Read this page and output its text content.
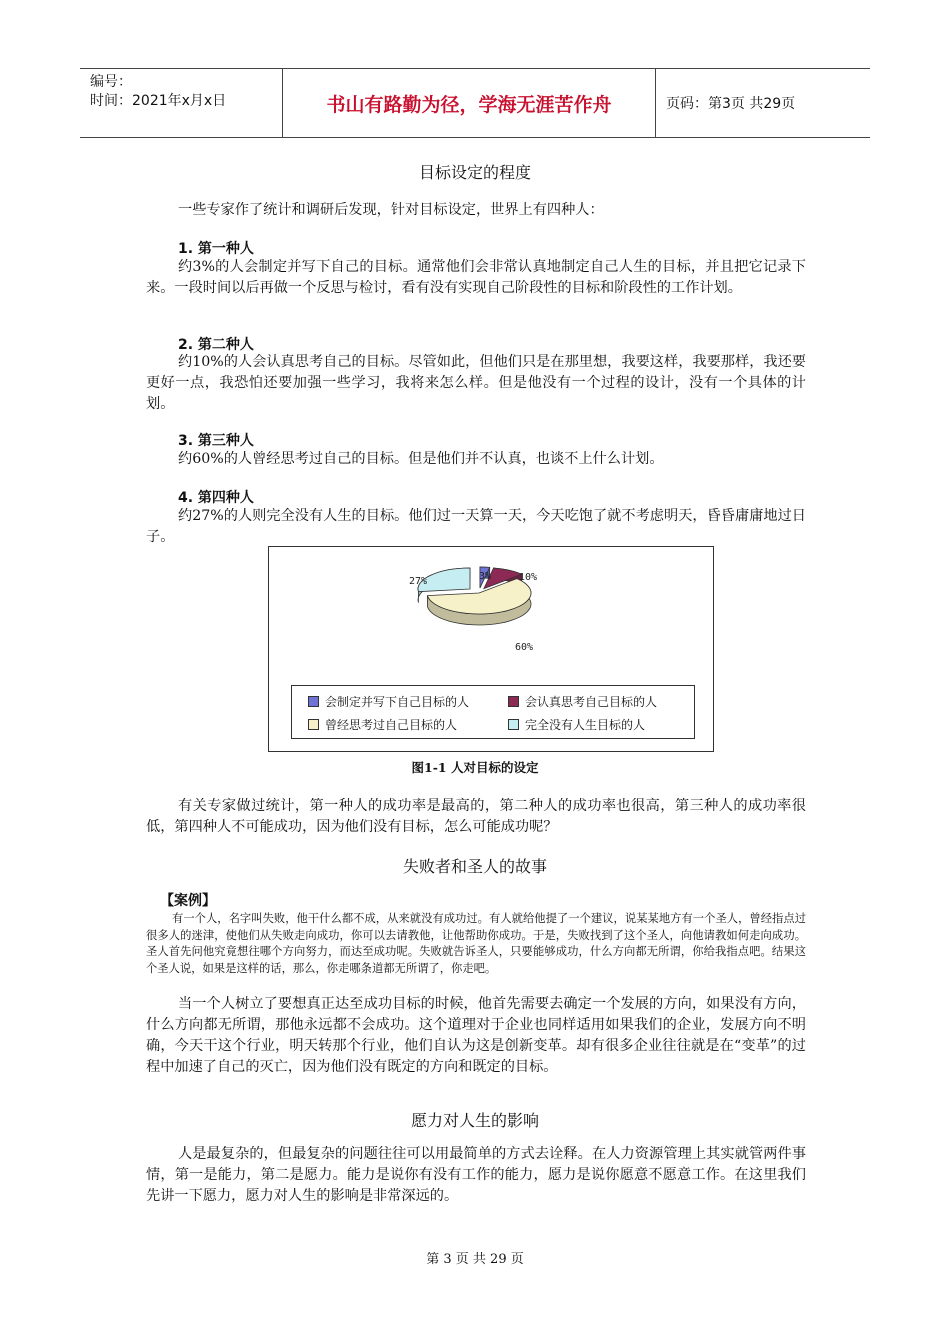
编号：
时间：2021年x月x日	书山有路勤为径，学海无涯苦作舟	页码：第3页 共29页
目标设定的程度

一些专家作了统计和调研后发现，针对目标设定，世界上有四种人：

1. 第一种人

约3%的人会制定并写下自己的目标。通常他们会非常认真地制定自己人生的目标，并且把它记录下来。一段时间以后再做一个反思与检讨，看有没有实现自己阶段性的目标和阶段性的工作计划。

2. 第二种人

约10%的人会认真思考自己的目标。尽管如此，但他们只是在那里想，我要这样，我要那样，我还要更好一点，我恐怕还要加强一些学习，我将来怎么样。但是他没有一个过程的设计，没有一个具体的计划。

3. 第三种人

约60%的人曾经思考过自己的目标。但是他们并不认真，也谈不上什么计划。

4. 第四种人

约27%的人则完全没有人生的目标。他们过一天算一天，今天吃饱了就不考虑明天，昏昏庸庸地过日子。

3%	10%
60%
27%
会制定并写下自己目标的人	会认真思考自己目标的人
曾经思考过自己目标的人	完全没有人生目标的人
图1-1 人对目标的设定

有关专家做过统计，第一种人的成功率是最高的，第二种人的成功率也很高，第三种人的成功率很低，第四种人不可能成功，因为他们没有目标，怎么可能成功呢？

失败者和圣人的故事
【案例】

有一个人，名字叫失败，他干什么都不成，从来就没有成功过。有人就给他提了一个建议，说某某地方有一个圣人，曾经指点过很多人的迷津，使他们从失败走向成功，你可以去请教他，让他帮助你成功。于是，失败找到了这个圣人，向他请教如何走向成功。圣人首先问他究竟想往哪个方向努力，而达至成功呢。失败就告诉圣人，只要能够成功，什么方向都无所谓，你给我指点吧。结果这个圣人说，如果是这样的话，那么，你走哪条道都无所谓了，你走吧。

当一个人树立了要想真正达至成功目标的时候，他首先需要去确定一个发展的方向，如果没有方向，什么方向都无所谓，那他永远都不会成功。这个道理对于企业也同样适用如果我们的企业，发展方向不明确，今天干这个行业，明天转那个行业，他们自认为这是创新变革。却有很多企业往往就是在“变革”的过程中加速了自己的灭亡，因为他们没有既定的方向和既定的目标。

愿力对人生的影响

人是最复杂的，但最复杂的问题往往可以用最简单的方式去诠释。在人力资源管理上其实就管两件事情，第一是能力，第二是愿力。能力是说你有没有工作的能力，愿力是说你愿意不愿意工作。在这里我们先讲一下愿力，愿力对人生的影响是非常深远的。

第 3 页 共 29 页
